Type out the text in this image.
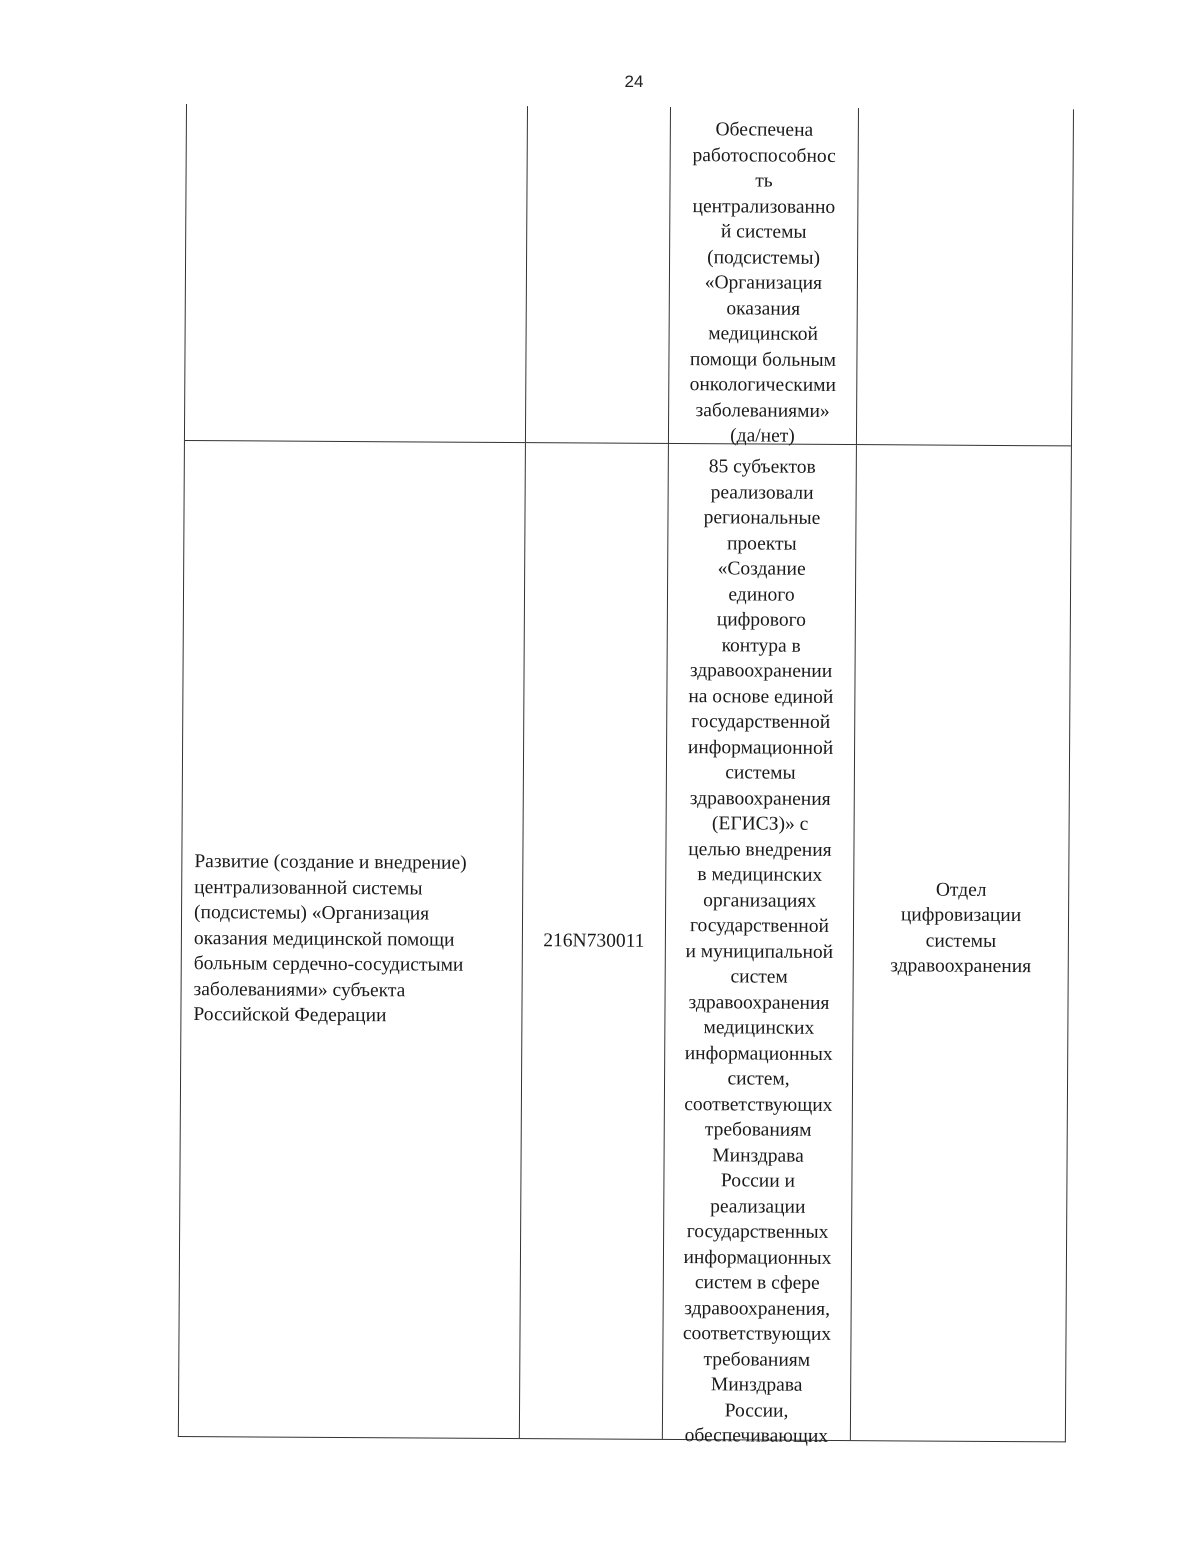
24
Обеспечена
работоспособнос
ть
централизованно
й системы
(подсистемы)
«Организация
оказания
медицинской
помощи больным
онкологическими
заболеваниями»
(да/нет)
Развитие (создание и внедрение)
централизованной системы
(подсистемы) «Организация
оказания медицинской помощи
больным сердечно-сосудистыми
заболеваниями» субъекта
Российской Федерации
216N730011
85 субъектов
реализовали
региональные
проекты
«Создание
единого
цифрового
контура в
здравоохранении
на основе единой
государственной
информационной
системы
здравоохранения
(ЕГИСЗ)» с
целью внедрения
в медицинских
организациях
государственной
и муниципальной
систем
здравоохранения
медицинских
информационных
систем,
соответствующих
требованиям
Минздрава
России и
реализации
государственных
информационных
систем в сфере
здравоохранения,
соответствующих
требованиям
Минздрава
России,
обеспечивающих
Отдел
цифровизации
системы
здравоохранения
